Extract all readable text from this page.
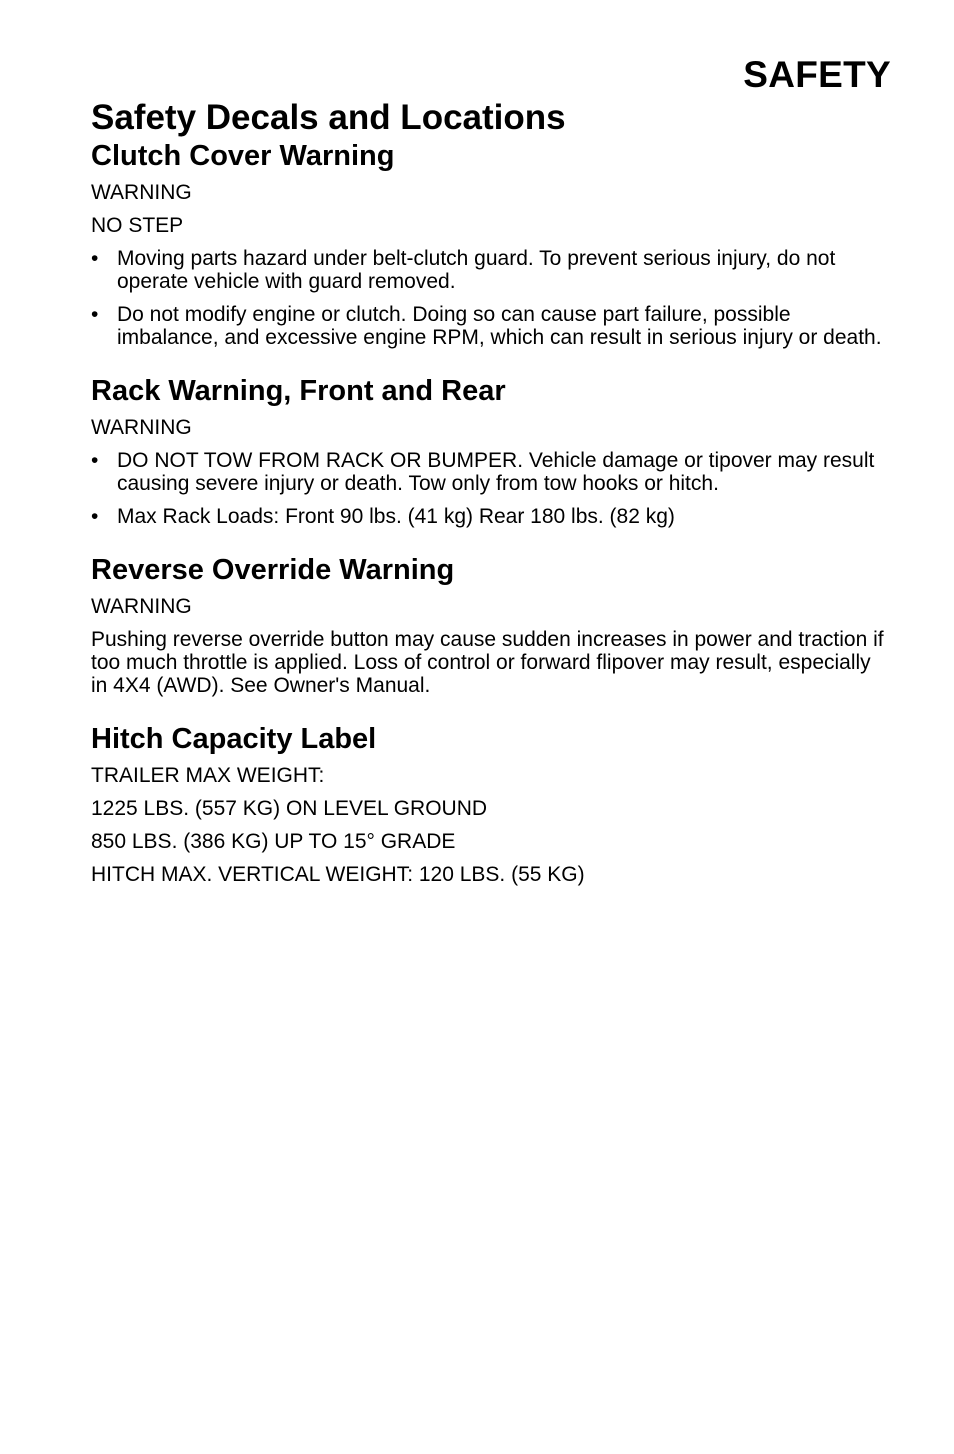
SAFETY
Safety Decals and Locations
Clutch Cover Warning

WARNING

NO STEP

• Moving parts hazard under belt-clutch guard. To prevent serious injury, do not operate vehicle with guard removed.
• Do not modify engine or clutch. Doing so can cause part failure, possible imbalance, and excessive engine RPM, which can result in serious injury or death.
Rack Warning, Front and Rear

WARNING

• DO NOT TOW FROM RACK OR BUMPER. Vehicle damage or tipover may result causing severe injury or death. Tow only from tow hooks or hitch.
• Max Rack Loads: Front 90 lbs. (41 kg) Rear 180 lbs. (82 kg)
Reverse Override Warning

WARNING

Pushing reverse override button may cause sudden increases in power and traction if too much throttle is applied. Loss of control or forward flipover may result, especially in 4X4 (AWD). See Owner's Manual.

Hitch Capacity Label

TRAILER MAX WEIGHT:

1225 LBS. (557 KG) ON LEVEL GROUND

850 LBS. (386 KG) UP TO 15° GRADE

HITCH MAX. VERTICAL WEIGHT: 120 LBS. (55 KG)
